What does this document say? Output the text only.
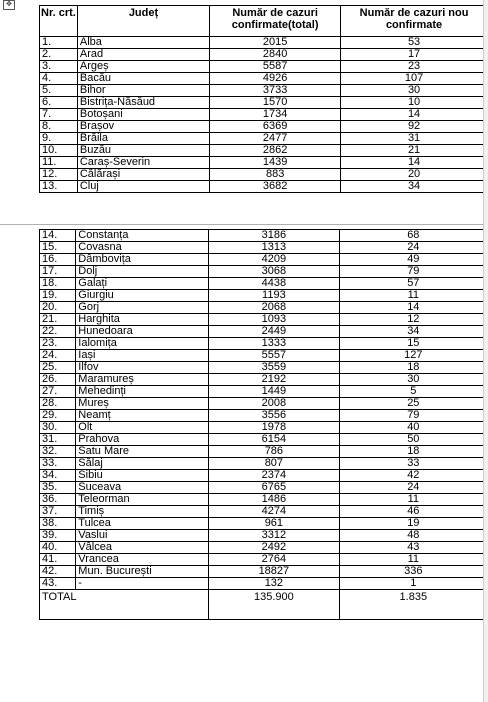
✥
Nr. crt.	Județ	Număr de cazuri confirmate(total)	Număr de cazuri nou confirmate
1.	Alba	2015	53
2.	Arad	2840	17
3.	Argeș	5587	23
4.	Bacău	4926	107
5.	Bihor	3733	30
6.	Bistrița-Năsăud	1570	10
7.	Botoșani	1734	14
8.	Brașov	6369	92
9.	Brăila	2477	31
10.	Buzău	2862	21
11.	Caraș-Severin	1439	14
12.	Călărași	883	20
13.	Cluj	3682	34
14.	Constanța	3186	68
15.	Covasna	1313	24
16.	Dâmbovița	4209	49
17.	Dolj	3068	79
18.	Galați	4438	57
19.	Giurgiu	1193	11
20.	Gorj	2068	14
21.	Harghita	1093	12
22.	Hunedoara	2449	34
23.	Ialomița	1333	15
24.	Iași	5557	127
25.	Ilfov	3559	18
26.	Maramureș	2192	30
27.	Mehedinți	1449	5
28.	Mureș	2008	25
29.	Neamț	3556	79
30.	Olt	1978	40
31.	Prahova	6154	50
32.	Satu Mare	786	18
33.	Sălaj	807	33
34.	Sibiu	2374	42
35.	Suceava	6765	24
36.	Teleorman	1486	11
37.	Timiș	4274	46
38.	Tulcea	961	19
39.	Vaslui	3312	48
40.	Vâlcea	2492	43
41.	Vrancea	2764	11
42.	Mun. București	18827	336
43.	-	132	1
TOTAL		135.900	1.835
